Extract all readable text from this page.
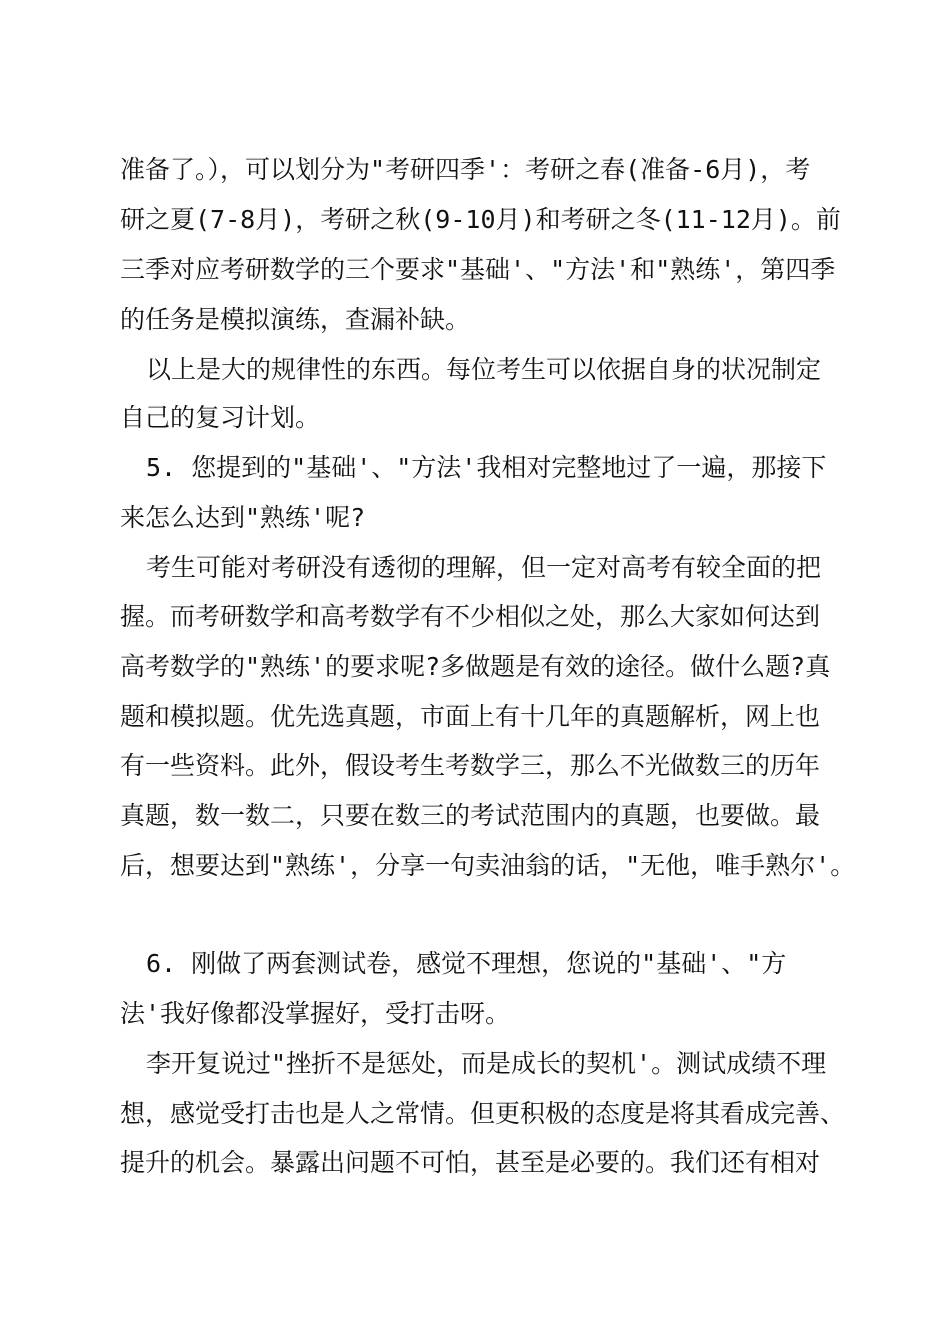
准备了。），可以划分为"考研四季'：考研之春(准备-6月)，考
研之夏(7-8月)，考研之秋(9-10月)和考研之冬(11-12月)。前
三季对应考研数学的三个要求"基础'、"方法'和"熟练'，第四季
的任务是模拟演练，查漏补缺。
以上是大的规律性的东西。每位考生可以依据自身的状况制定
自己的复习计划。
5. 您提到的"基础'、"方法'我相对完整地过了一遍，那接下
来怎么达到"熟练'呢?
考生可能对考研没有透彻的理解，但一定对高考有较全面的把
握。而考研数学和高考数学有不少相似之处，那么大家如何达到
高考数学的"熟练'的要求呢?多做题是有效的途径。做什么题?真
题和模拟题。优先选真题，市面上有十几年的真题解析，网上也
有一些资料。此外，假设考生考数学三，那么不光做数三的历年
真题，数一数二，只要在数三的考试范围内的真题，也要做。最
后，想要达到"熟练'，分享一句卖油翁的话，"无他，唯手熟尔'。
6. 刚做了两套测试卷，感觉不理想，您说的"基础'、"方
法'我好像都没掌握好，受打击呀。
李开复说过"挫折不是惩处，而是成长的契机'。测试成绩不理
想，感觉受打击也是人之常情。但更积极的态度是将其看成完善、
提升的机会。暴露出问题不可怕，甚至是必要的。我们还有相对
